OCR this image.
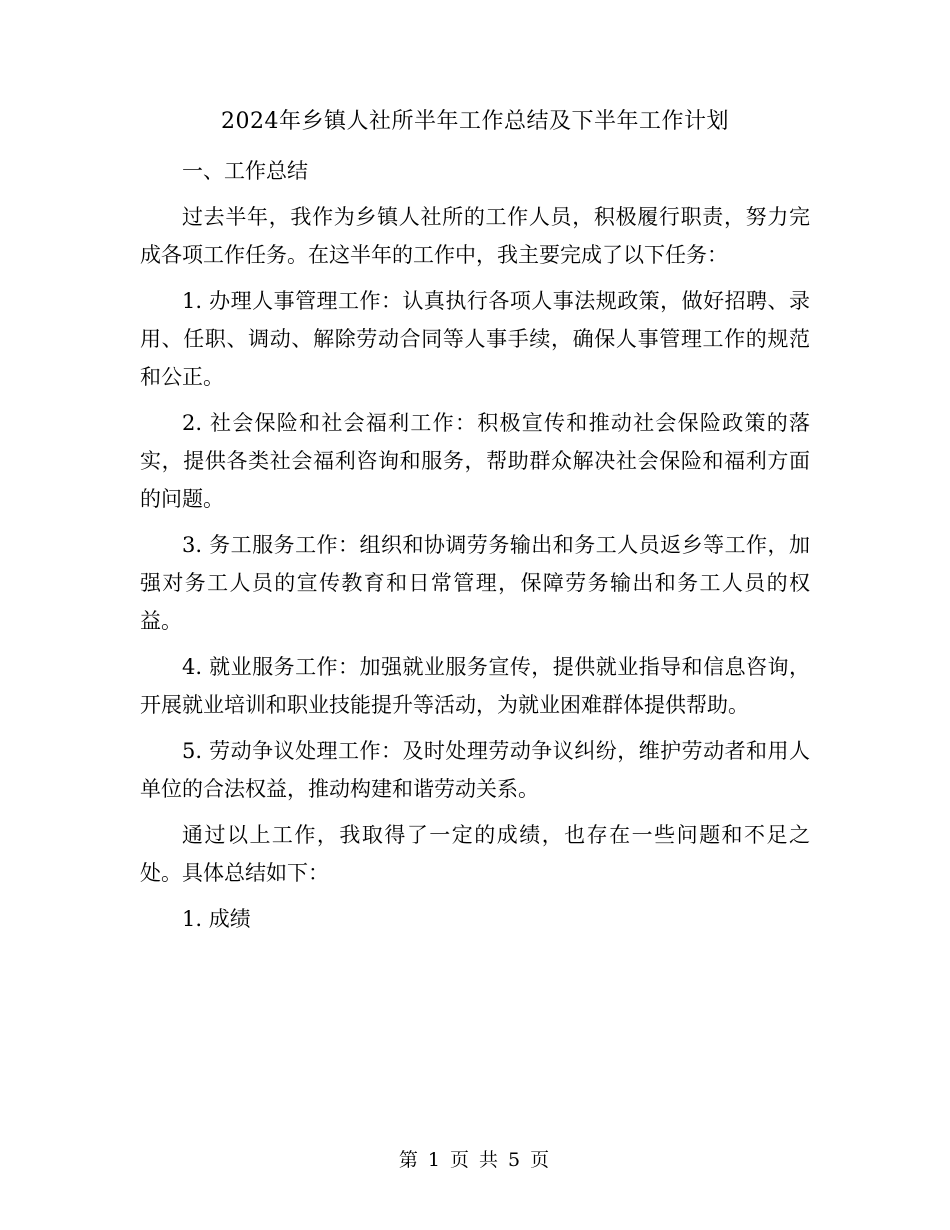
2024年乡镇人社所半年工作总结及下半年工作计划

一、工作总结

过去半年，我作为乡镇人社所的工作人员，积极履行职责，努力完成各项工作任务。在这半年的工作中，我主要完成了以下任务：

1. 办理人事管理工作：认真执行各项人事法规政策，做好招聘、录用、任职、调动、解除劳动合同等人事手续，确保人事管理工作的规范和公正。

2. 社会保险和社会福利工作：积极宣传和推动社会保险政策的落实，提供各类社会福利咨询和服务，帮助群众解决社会保险和福利方面的问题。

3. 务工服务工作：组织和协调劳务输出和务工人员返乡等工作，加强对务工人员的宣传教育和日常管理，保障劳务输出和务工人员的权益。

4. 就业服务工作：加强就业服务宣传，提供就业指导和信息咨询，开展就业培训和职业技能提升等活动，为就业困难群体提供帮助。

5. 劳动争议处理工作：及时处理劳动争议纠纷，维护劳动者和用人单位的合法权益，推动构建和谐劳动关系。

通过以上工作，我取得了一定的成绩，也存在一些问题和不足之处。具体总结如下：

1. 成绩

第 1 页 共 5 页
